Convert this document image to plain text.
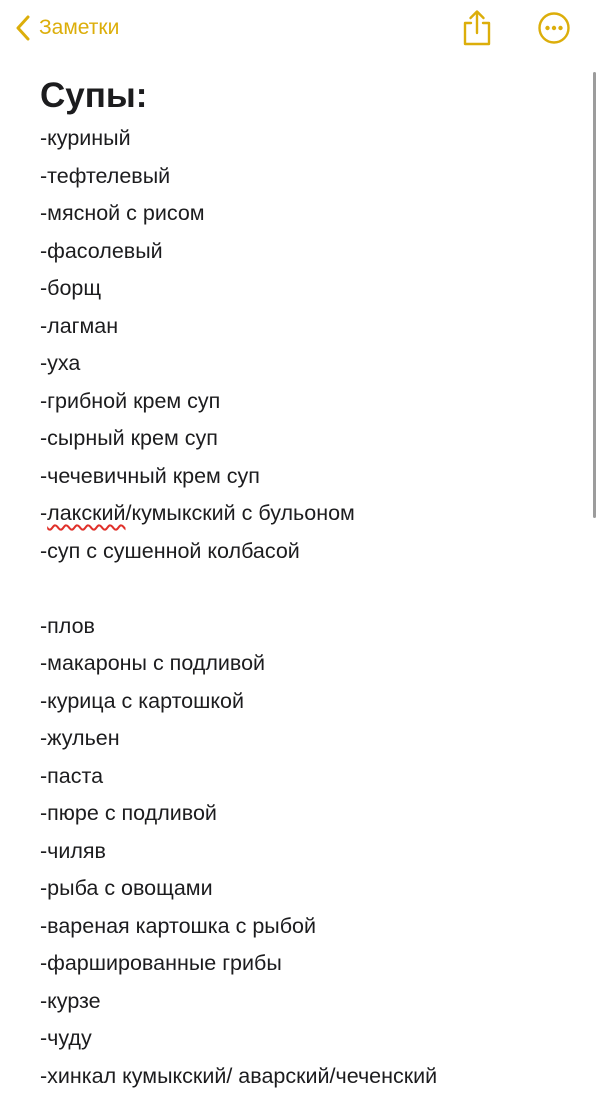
Заметки
Супы:
-куриный
-тефтелевый
-мясной с рисом
-фасолевый
-борщ
-лагман
-уха
-грибной крем суп
-сырный крем суп
-чечевичный крем суп
-лакский/кумыкский с бульоном
-суп с сушенной колбасой
-плов
-макароны с подливой
-курица с картошкой
-жульен
-паста
-пюре с подливой
-чиляв
-рыба с овощами
-вареная картошка с рыбой
-фаршированные грибы
-курзе
-чуду
-хинкал кумыкский/ аварский/чеченский
